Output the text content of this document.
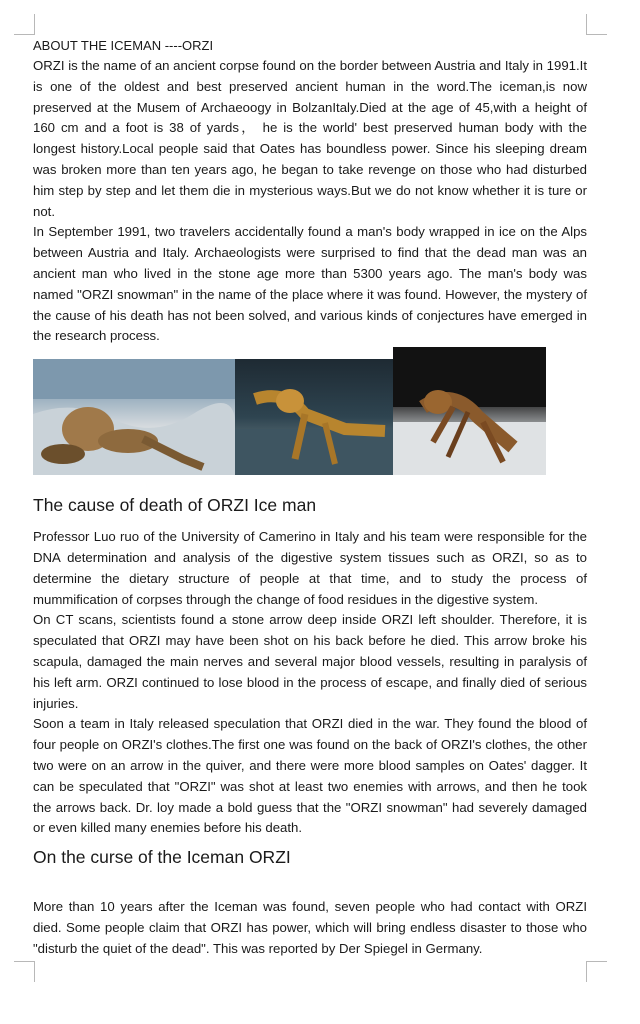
ABOUT THE ICEMAN ----ORZI

ORZI is the name of an ancient corpse found on the border between Austria and Italy in 1991.It is one of the oldest and best preserved ancient human in the word.The iceman,is now preserved at the Musem of Archaeoogy in BolzanItaly.Died at the age of 45,with a height of 160 cm and a foot is 38 of yards， he is the world' best preserved human body with the longest history.Local people said that Oates has boundless power. Since his sleeping dream was broken more than ten years ago, he began to take revenge on those who had disturbed him step by step and let them die in mysterious ways.But we do not know whether it is ture or not.

In September 1991, two travelers accidentally found a man's body wrapped in ice on the Alps between Austria and Italy. Archaeologists were surprised to find that the dead man was an ancient man who lived in the stone age more than 5300 years ago. The man's body was named "ORZI snowman" in the name of the place where it was found. However, the mystery of the cause of his death has not been solved, and various kinds of conjectures have emerged in the research process.

The cause of death of ORZI Ice man

Professor Luo ruo of the University of Camerino in Italy and his team were responsible for the DNA determination and analysis of the digestive system tissues such as ORZI, so as to determine the dietary structure of people at that time, and to study the process of mummification of corpses through the change of food residues in the digestive system.

On CT scans, scientists found a stone arrow deep inside ORZI left shoulder. Therefore, it is speculated that ORZI may have been shot on his back before he died. This arrow broke his scapula, damaged the main nerves and several major blood vessels, resulting in paralysis of his left arm. ORZI continued to lose blood in the process of escape, and finally died of serious injuries.

Soon a team in Italy released speculation that ORZI died in the war. They found the blood of four people on ORZI's clothes.The first one was found on the back of ORZI's clothes, the other two were on an arrow in the quiver, and there were more blood samples on Oates' dagger. It can be speculated that "ORZI" was shot at least two enemies with arrows, and then he took the arrows back. Dr. loy made a bold guess that the "ORZI snowman" had severely damaged or even killed many enemies before his death.

On the curse of the Iceman ORZI

More than 10 years after the Iceman was found, seven people who had contact with ORZI died. Some people claim that ORZI has power, which will bring endless disaster to those who "disturb the quiet of the dead". This was reported by Der Spiegel in Germany.
